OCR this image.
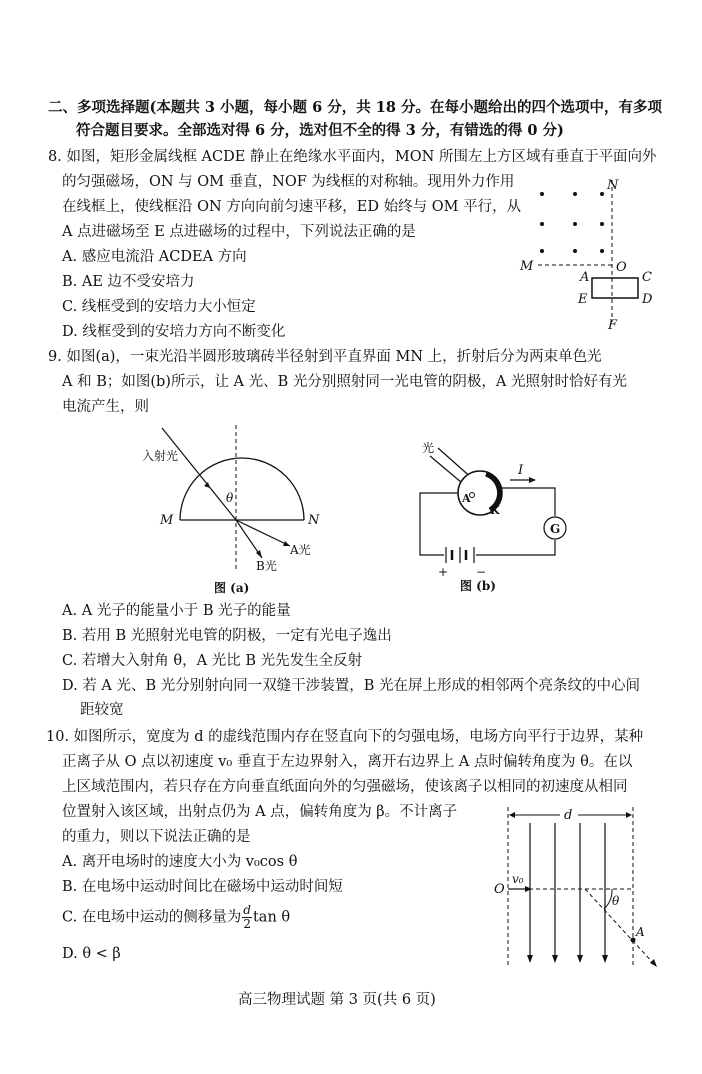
二、多项选择题(本题共 3 小题，每小题 6 分，共 18 分。在每小题给出的四个选项中，有多项
符合题目要求。全部选对得 6 分，选对但不全的得 3 分，有错选的得 0 分)
8. 如图，矩形金属线框 ACDE 静止在绝缘水平面内，MON 所围左上方区域有垂直于平面向外
的匀强磁场，ON 与 OM 垂直，NOF 为线框的对称轴。现用外力作用
在线框上，使线框沿 ON 方向向前匀速平移，ED 始终与 OM 平行，从
A 点进磁场至 E 点进磁场的过程中，下列说法正确的是
A. 感应电流沿 ACDEA 方向
B. AE 边不受安培力
C. 线框受到的安培力大小恒定
D. 线框受到的安培力方向不断变化
N
M	O
A	C
E	D
F
9. 如图(a)，一束光沿半圆形玻璃砖半径射到平直界面 MN 上，折射后分为两束单色光
A 和 B；如图(b)所示，让 A 光、B 光分别照射同一光电管的阴极，A 光照射时恰好有光
电流产生，则
入射光
θ
M	N
B光
A光
图 (a)
光
A
K
I
G
+ −
图 (b)
A. A 光子的能量小于 B 光子的能量
B. 若用 B 光照射光电管的阴极，一定有光电子逸出
C. 若增大入射角 θ，A 光比 B 光先发生全反射
D. 若 A 光、B 光分别射向同一双缝干涉装置，B 光在屏上形成的相邻两个亮条纹的中心间
距较宽
10. 如图所示，宽度为 d 的虚线范围内存在竖直向下的匀强电场，电场方向平行于边界，某种
正离子从 O 点以初速度 v₀ 垂直于左边界射入，离开右边界上 A 点时偏转角度为 θ。在以
上区域范围内，若只存在方向垂直纸面向外的匀强磁场，使该离子以相同的初速度从相同
位置射入该区域，出射点仍为 A 点，偏转角度为 β。不计离子
的重力，则以下说法正确的是
A. 离开电场时的速度大小为 v₀cos θ
B. 在电场中运动时间比在磁场中运动时间短
C. 在电场中运动的侧移量为 $\frac{d}{2}$ tan θ
D. θ < β
d
O
v₀
θ
A
高三物理试题 第 3 页(共 6 页)
